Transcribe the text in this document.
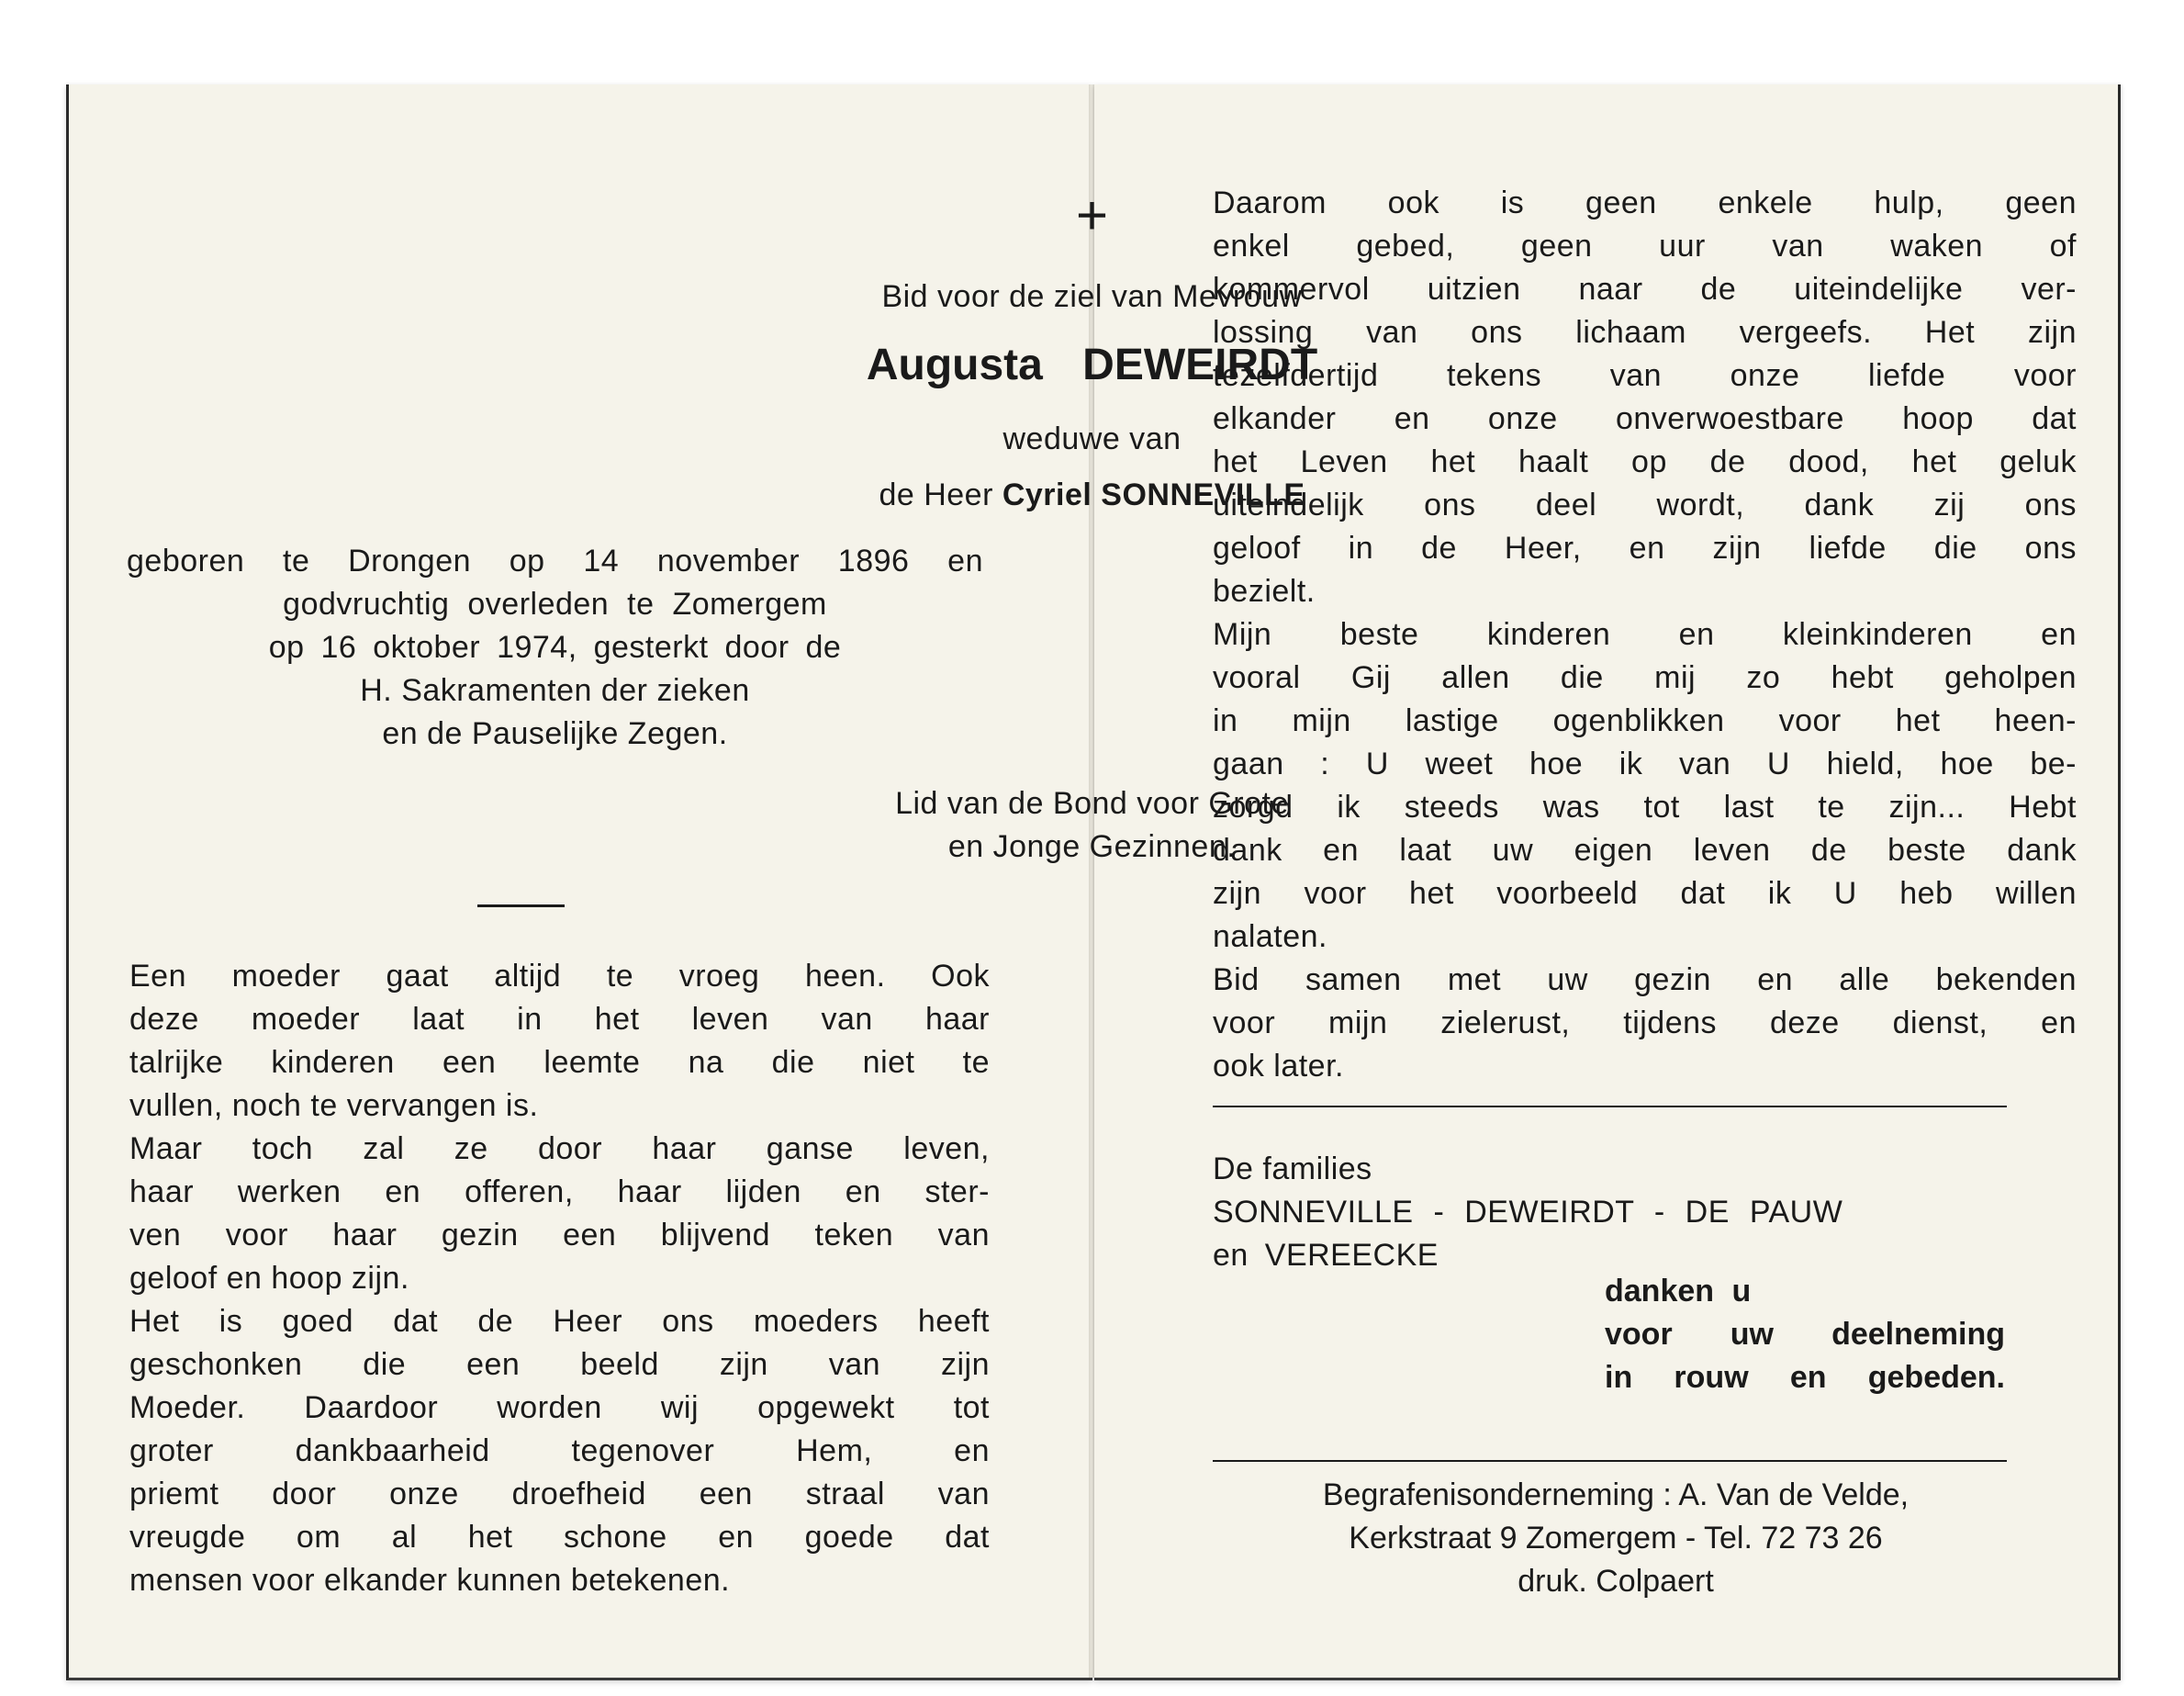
+
Bid voor de ziel van Mevrouw
Augusta DEWEIRDT
weduwe van
de Heer Cyriel SONNEVILLE
geboren te Drongen op 14 november 1896 en
godvruchtig overleden te Zomergem
op 16 oktober 1974, gesterkt door de
H. Sakramenten der zieken
en de Pauselijke Zegen.
Lid van de Bond voor Grote
en Jonge Gezinnen.
Een moeder gaat altijd te vroeg heen. Ook
deze moeder laat in het leven van haar
talrijke kinderen een leemte na die niet te
vullen, noch te vervangen is.
Maar toch zal ze door haar ganse leven,
haar werken en offeren, haar lijden en ster-
ven voor haar gezin een blijvend teken van
geloof en hoop zijn.
Het is goed dat de Heer ons moeders heeft
geschonken die een beeld zijn van zijn
Moeder. Daardoor worden wij opgewekt tot
groter dankbaarheid tegenover Hem, en
priemt door onze droefheid een straal van
vreugde om al het schone en goede dat
mensen voor elkander kunnen betekenen.
Daarom ook is geen enkele hulp, geen
enkel gebed, geen uur van waken of
kommervol uitzien naar de uiteindelijke ver-
lossing van ons lichaam vergeefs. Het zijn
tezelfdertijd tekens van onze liefde voor
elkander en onze onverwoestbare hoop dat
het Leven het haalt op de dood, het geluk
uiteindelijk ons deel wordt, dank zij ons
geloof in de Heer, en zijn liefde die ons
bezielt.
Mijn beste kinderen en kleinkinderen en
vooral Gij allen die mij zo hebt geholpen
in mijn lastige ogenblikken voor het heen-
gaan : U weet hoe ik van U hield, hoe be-
zorgd ik steeds was tot last te zijn... Hebt
dank en laat uw eigen leven de beste dank
zijn voor het voorbeeld dat ik U heb willen
nalaten.
Bid samen met uw gezin en alle bekenden
voor mijn zielerust, tijdens deze dienst, en
ook later.
De families
SONNEVILLE - DEWEIRDT - DE PAUW
en VEREECKE
danken u
voor uw deelneming
in rouw en gebeden.
Begrafenisonderneming : A. Van de Velde,
Kerkstraat 9 Zomergem - Tel. 72 73 26
druk. Colpaert
